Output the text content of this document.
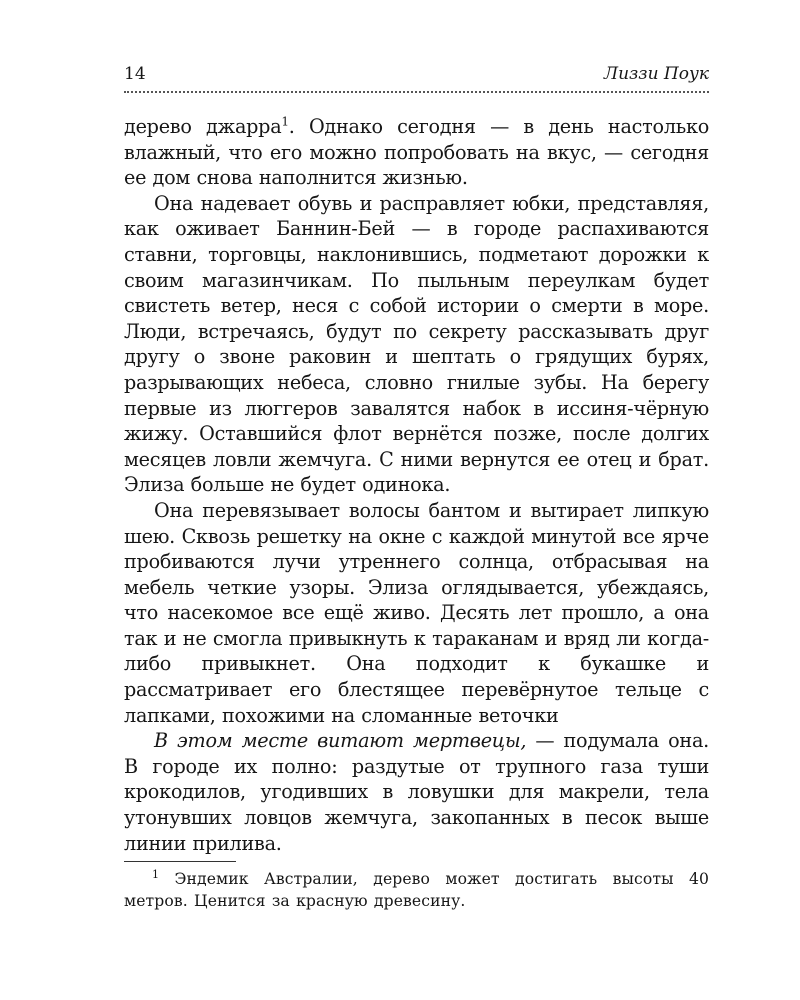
14	Лиззи Поук

дерево джарра$^1$. Однако сегодня — в день настолько влажный, что его можно попробовать на вкус, — сегодня ее дом снова наполнится жизнью.

Она надевает обувь и расправляет юбки, представляя, как оживает Баннин-Бей — в городе распахиваются ставни, торговцы, наклонившись, подметают дорожки к своим магазинчикам. По пыльным переулкам будет свистеть ветер, неся с собой истории о смерти в море. Люди, встречаясь, будут по секрету рассказывать друг другу о звоне раковин и шептать о грядущих бурях, разрывающих небеса, словно гнилые зубы. На берегу первые из люггеров завалятся набок в иссиня-чёрную жижу. Оставшийся флот вернётся позже, после долгих месяцев ловли жемчуга. С ними вернутся ее отец и брат. Элиза больше не будет одинока.

Она перевязывает волосы бантом и вытирает липкую шею. Сквозь решетку на окне с каждой минутой все ярче пробиваются лучи утреннего солнца, отбрасывая на мебель четкие узоры. Элиза оглядывается, убеждаясь, что насекомое все ещё живо. Десять лет прошло, а она так и не смогла привыкнуть к тараканам и вряд ли когда-либо привыкнет. Она подходит к букашке и рассматривает его блестящее перевёрнутое тельце с лапками, похожими на сломанные веточки

В этом месте витают мертвецы, — подумала она. В городе их полно: раздутые от трупного газа туши крокодилов, угодивших в ловушки для макрели, тела утонувших ловцов жемчуга, закопанных в песок выше линии прилива.

$^1$ Эндемик Австралии, дерево может достигать высоты 40 метров. Ценится за красную древесину.
